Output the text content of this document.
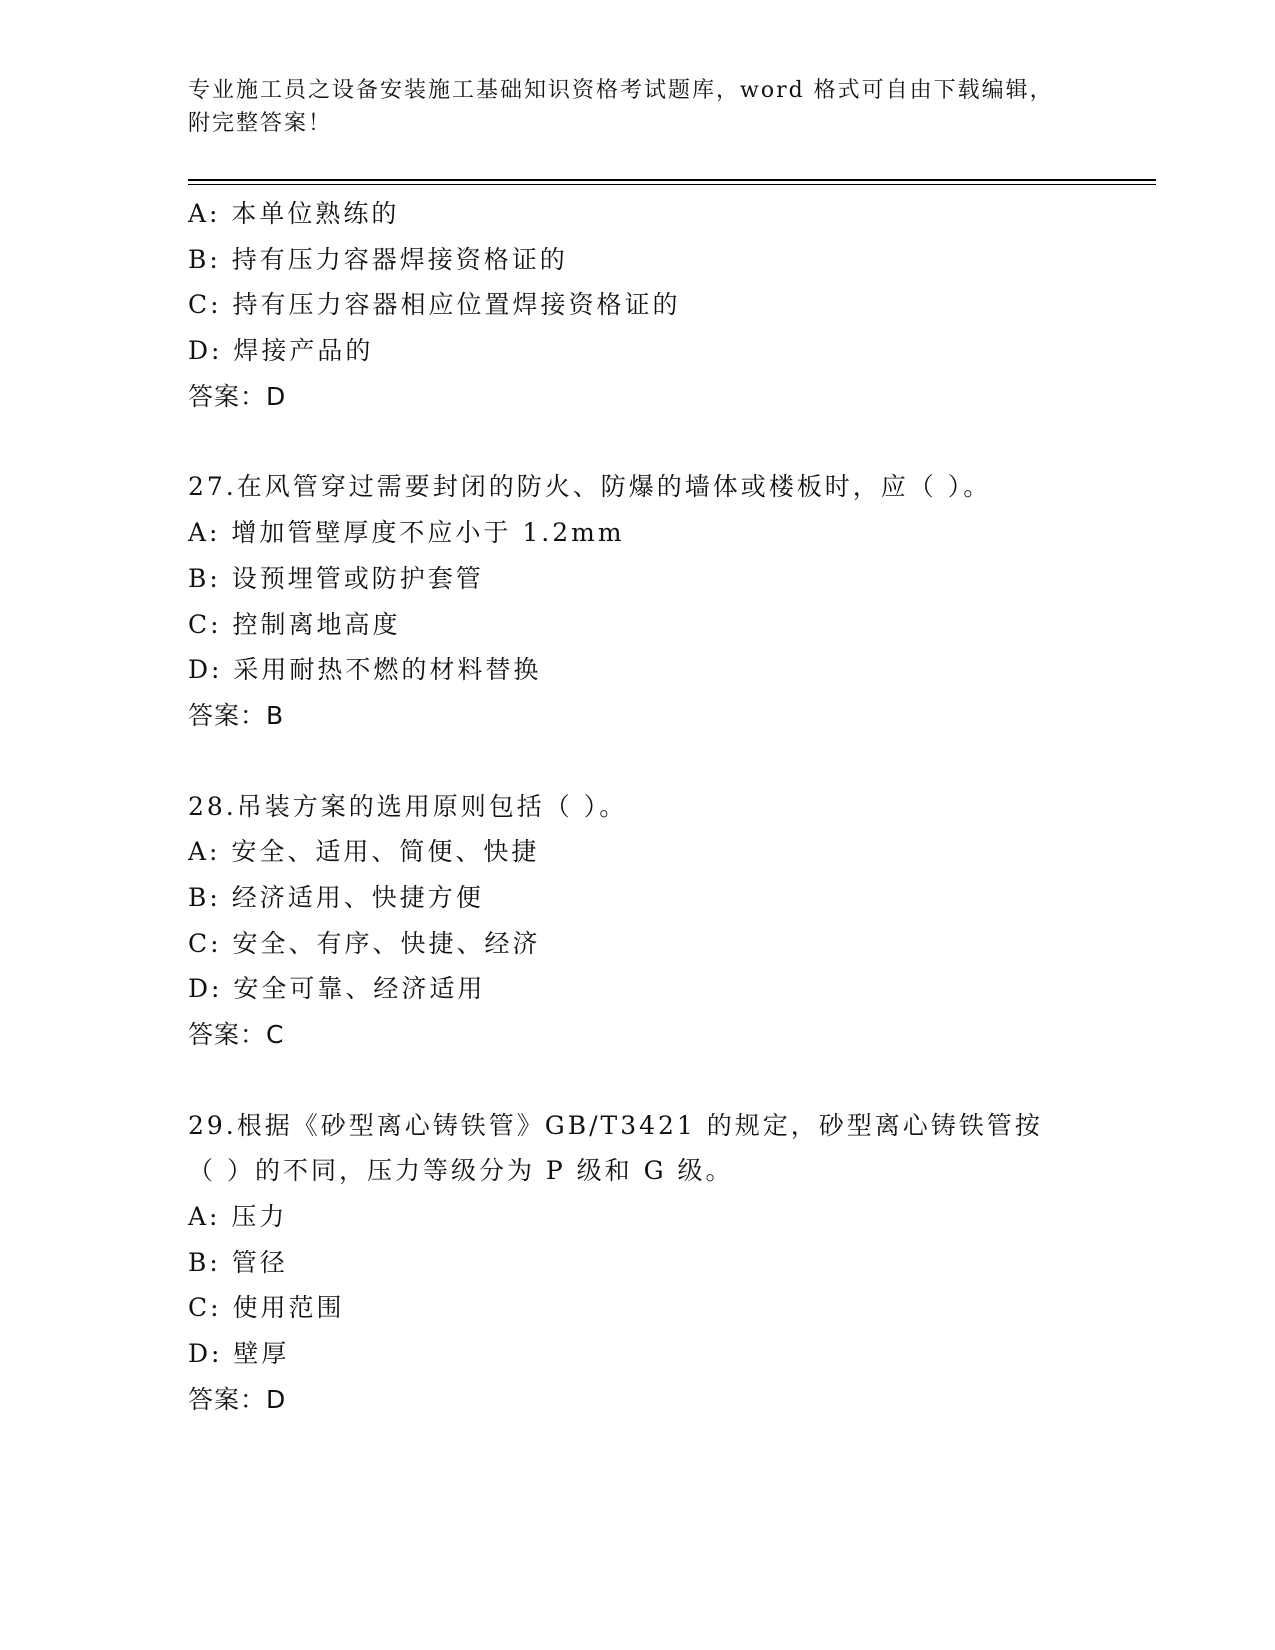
专业施工员之设备安装施工基础知识资格考试题库，word 格式可自由下载编辑，
附完整答案！
A: 本单位熟练的
B: 持有压力容器焊接资格证的
C: 持有压力容器相应位置焊接资格证的
D: 焊接产品的
答案：D
27.在风管穿过需要封闭的防火、防爆的墙体或楼板时，应（ ）。
A: 增加管壁厚度不应小于 1.2mm
B: 设预埋管或防护套管
C: 控制离地高度
D: 采用耐热不燃的材料替换
答案：B
28.吊装方案的选用原则包括（ ）。
A: 安全、适用、简便、快捷
B: 经济适用、快捷方便
C: 安全、有序、快捷、经济
D: 安全可靠、经济适用
答案：C
29.根据《砂型离心铸铁管》GB/T3421 的规定，砂型离心铸铁管按（ ）的不同，压力等级分为 P 级和 G 级。
A: 压力
B: 管径
C: 使用范围
D: 壁厚
答案：D
